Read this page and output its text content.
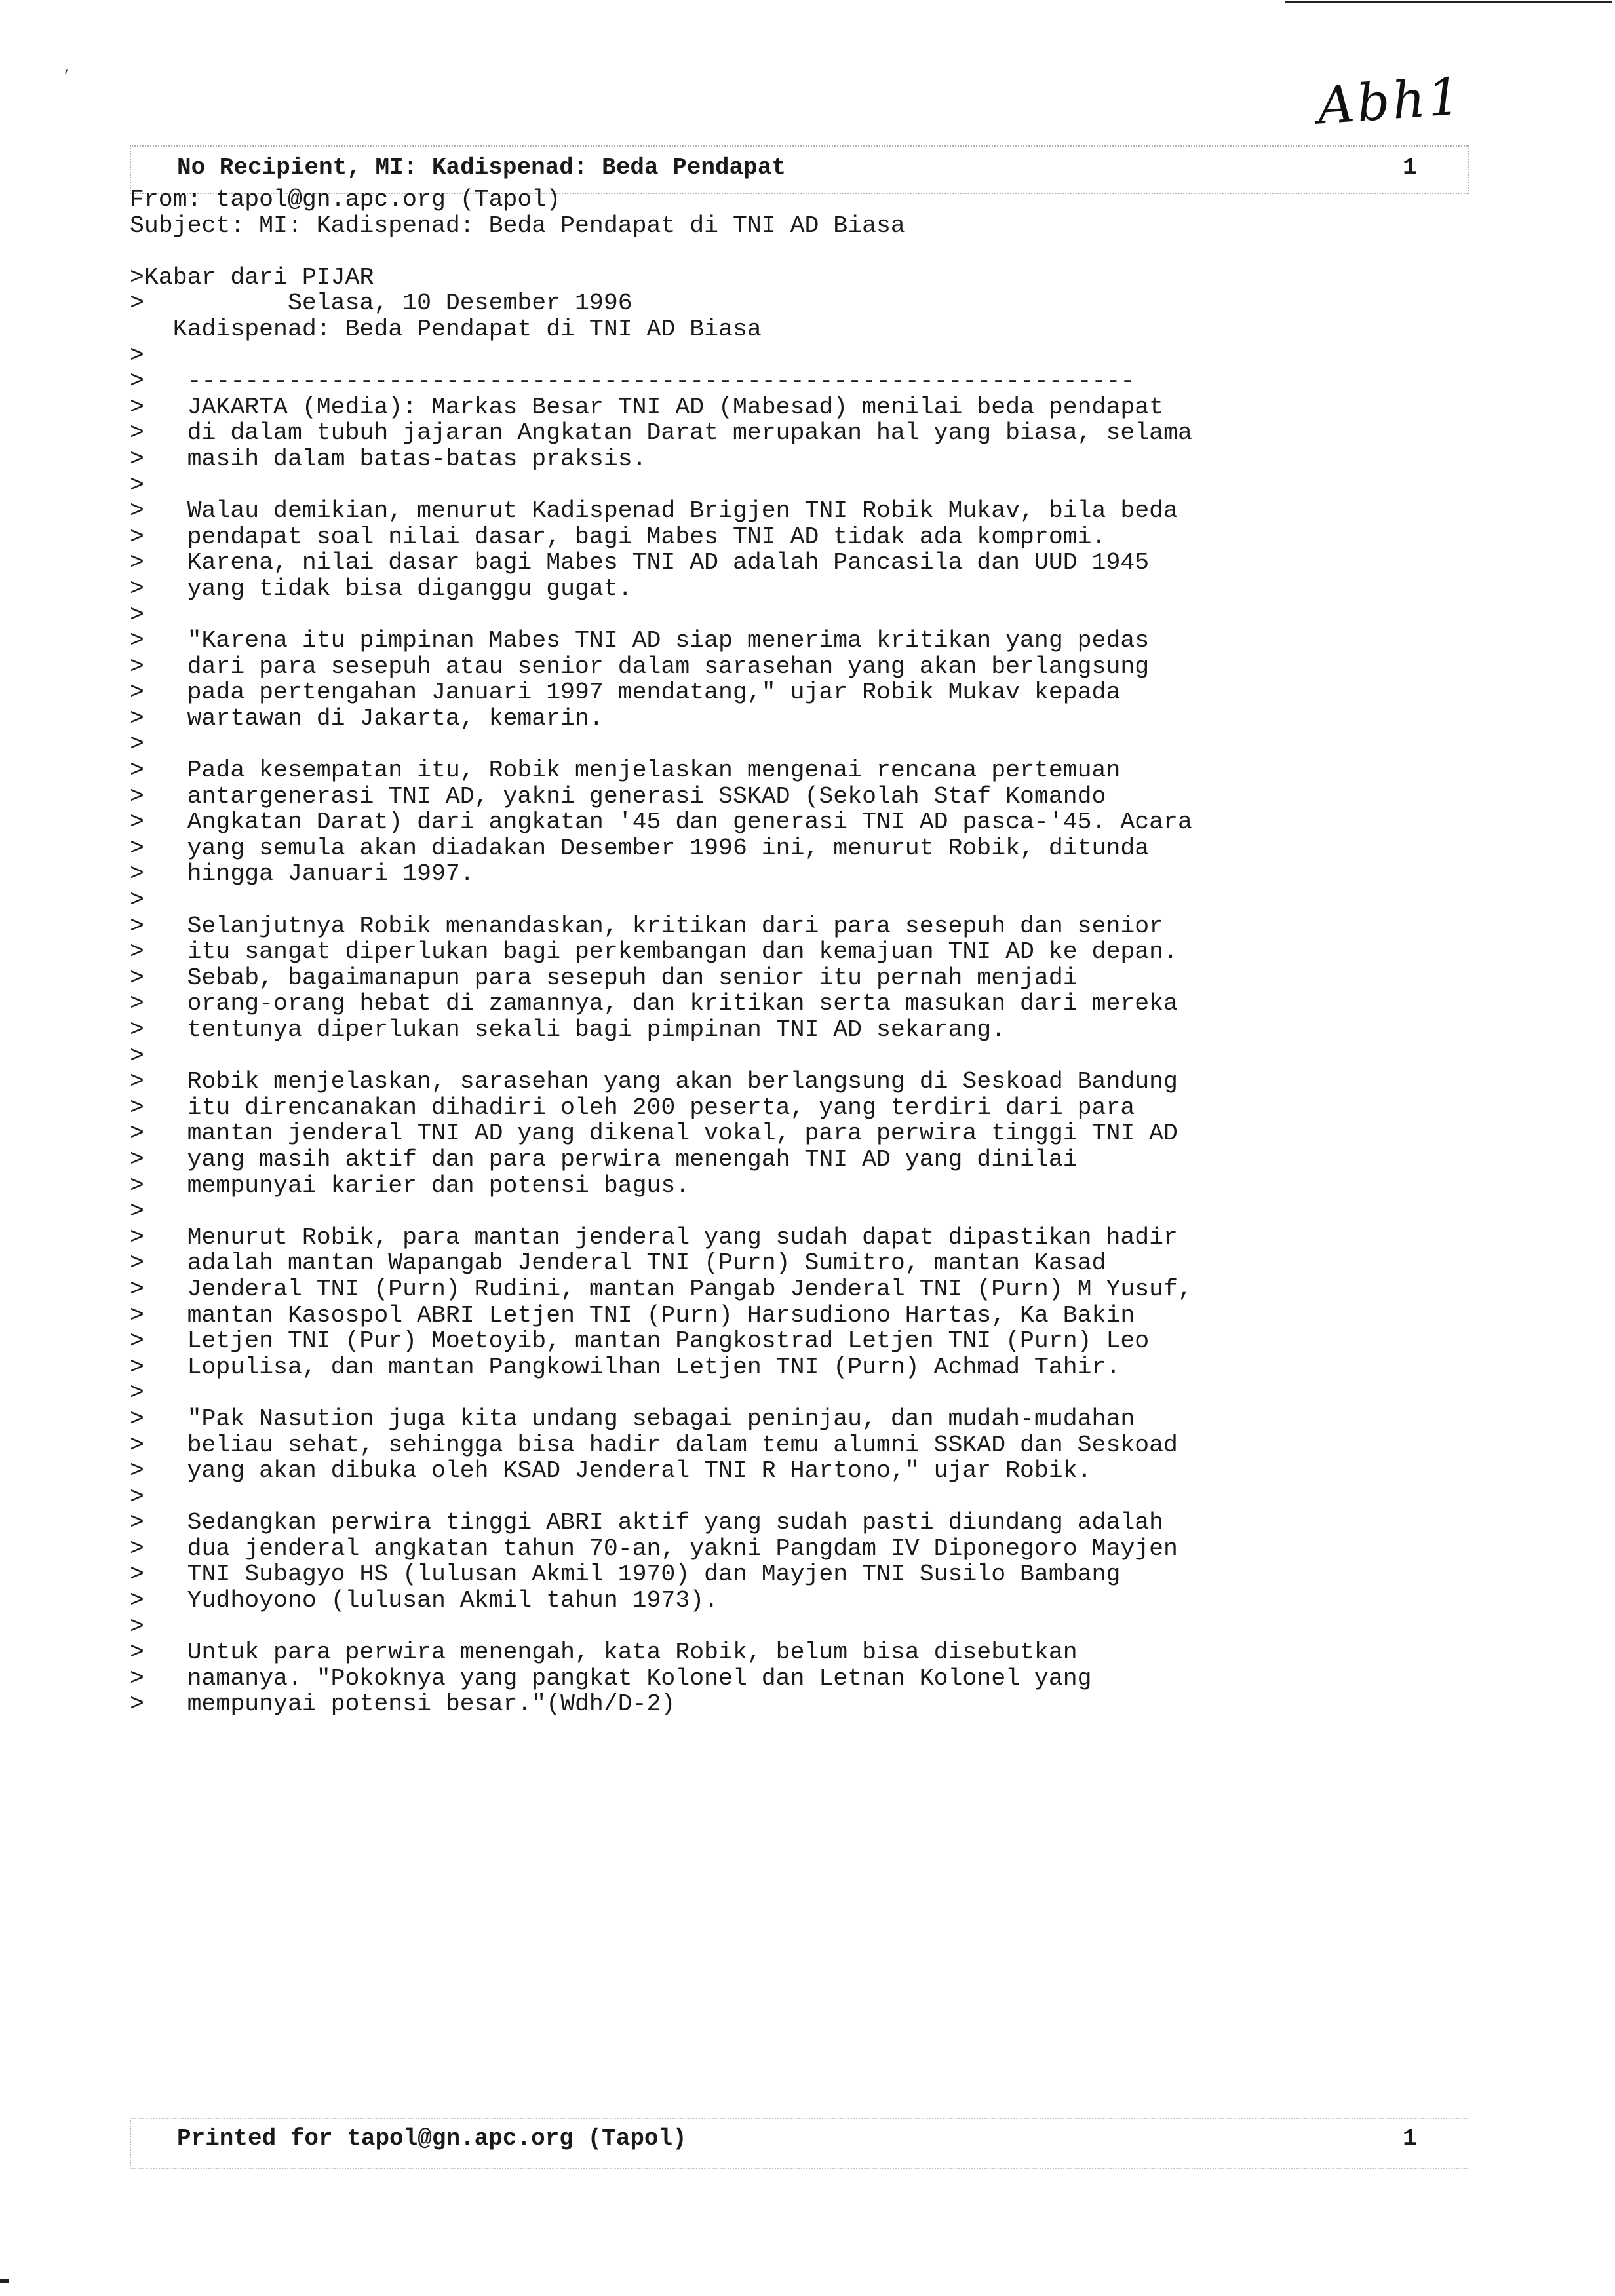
′	Abh1
No Recipient, MI: Kadispenad: Beda Pendapat	1
From: tapol@gn.apc.org (Tapol)
Subject: MI: Kadispenad: Beda Pendapat di TNI AD Biasa
>Kabar dari PIJAR
>          Selasa, 10 Desember 1996
Kadispenad: Beda Pendapat di TNI AD Biasa
>
>   ------------------------------------------------------------------
>   JAKARTA (Media): Markas Besar TNI AD (Mabesad) menilai beda pendapat
>   di dalam tubuh jajaran Angkatan Darat merupakan hal yang biasa, selama
>   masih dalam batas-batas praksis.
>
>   Walau demikian, menurut Kadispenad Brigjen TNI Robik Mukav, bila beda
>   pendapat soal nilai dasar, bagi Mabes TNI AD tidak ada kompromi.
>   Karena, nilai dasar bagi Mabes TNI AD adalah Pancasila dan UUD 1945
>   yang tidak bisa diganggu gugat.
>
>   "Karena itu pimpinan Mabes TNI AD siap menerima kritikan yang pedas
>   dari para sesepuh atau senior dalam sarasehan yang akan berlangsung
>   pada pertengahan Januari 1997 mendatang," ujar Robik Mukav kepada
>   wartawan di Jakarta, kemarin.
>
>   Pada kesempatan itu, Robik menjelaskan mengenai rencana pertemuan
>   antargenerasi TNI AD, yakni generasi SSKAD (Sekolah Staf Komando
>   Angkatan Darat) dari angkatan '45 dan generasi TNI AD pasca-'45. Acara
>   yang semula akan diadakan Desember 1996 ini, menurut Robik, ditunda
>   hingga Januari 1997.
>
>   Selanjutnya Robik menandaskan, kritikan dari para sesepuh dan senior
>   itu sangat diperlukan bagi perkembangan dan kemajuan TNI AD ke depan.
>   Sebab, bagaimanapun para sesepuh dan senior itu pernah menjadi
>   orang-orang hebat di zamannya, dan kritikan serta masukan dari mereka
>   tentunya diperlukan sekali bagi pimpinan TNI AD sekarang.
>
>   Robik menjelaskan, sarasehan yang akan berlangsung di Seskoad Bandung
>   itu direncanakan dihadiri oleh 200 peserta, yang terdiri dari para
>   mantan jenderal TNI AD yang dikenal vokal, para perwira tinggi TNI AD
>   yang masih aktif dan para perwira menengah TNI AD yang dinilai
>   mempunyai karier dan potensi bagus.
>
>   Menurut Robik, para mantan jenderal yang sudah dapat dipastikan hadir
>   adalah mantan Wapangab Jenderal TNI (Purn) Sumitro, mantan Kasad
>   Jenderal TNI (Purn) Rudini, mantan Pangab Jenderal TNI (Purn) M Yusuf,
>   mantan Kasospol ABRI Letjen TNI (Purn) Harsudiono Hartas, Ka Bakin
>   Letjen TNI (Pur) Moetoyib, mantan Pangkostrad Letjen TNI (Purn) Leo
>   Lopulisa, dan mantan Pangkowilhan Letjen TNI (Purn) Achmad Tahir.
>
>   "Pak Nasution juga kita undang sebagai peninjau, dan mudah-mudahan
>   beliau sehat, sehingga bisa hadir dalam temu alumni SSKAD dan Seskoad
>   yang akan dibuka oleh KSAD Jenderal TNI R Hartono," ujar Robik.
>
>   Sedangkan perwira tinggi ABRI aktif yang sudah pasti diundang adalah
>   dua jenderal angkatan tahun 70-an, yakni Pangdam IV Diponegoro Mayjen
>   TNI Subagyo HS (lulusan Akmil 1970) dan Mayjen TNI Susilo Bambang
>   Yudhoyono (lulusan Akmil tahun 1973).
>
>   Untuk para perwira menengah, kata Robik, belum bisa disebutkan
>   namanya. "Pokoknya yang pangkat Kolonel dan Letnan Kolonel yang
>   mempunyai potensi besar."(Wdh/D-2)
Printed for tapol@gn.apc.org (Tapol)	1
